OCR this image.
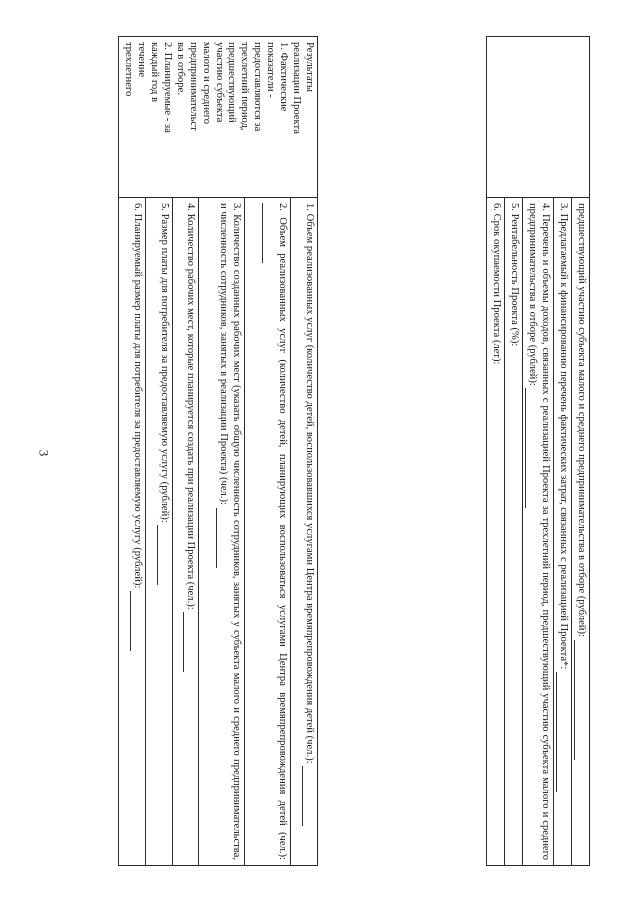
3
		предшествующий участию субъекта малого и среднего предпринимательства в отборе (рублей):
3. Предлагаемый к финансированию перечень фактических затрат, связанных с реализацией Проекта*:
4. Перечень и объемы доходов, связанных с реализацией Проекта за трехлетний период, предшествующий участию субъекта малого и среднего предпринимательства в отборе (рублей):
5. Рентабельность Проекта (%):
6. Срок окупаемости Проекта (лет):
Результаты
реализации Проекта
1. Фактические
показатели -
предоставляются за
трехлетний период,
предшествующий
участию субъекта
малого и среднего
предпринимательст
ва в отборе.
2. Планируемые - за
каждый год в
течение
трехлетнего
	1. Объем реализованных услуг (количество детей, воспользовавшихся услугами Центра времяпрепровождения детей (чел.):
2. Объем реализованных услуг (количество детей, планирующих воспользоваться услугами Центра времяпрепровождения детей (чел.):
3. Количество созданных рабочих мест (указать общую численность сотрудников, занятых у субъекта малого и среднего предпринимательства, и численность сотрудников, занятых в реализации Проекта) (чел.):
4. Количество рабочих мест, которые планируется создать при реализации Проекта (чел.):
5. Размер платы для потребителя за предоставляемую услугу (рублей):
6. Планируемый размер платы для потребителя за предоставляемую услугу (рублей):
